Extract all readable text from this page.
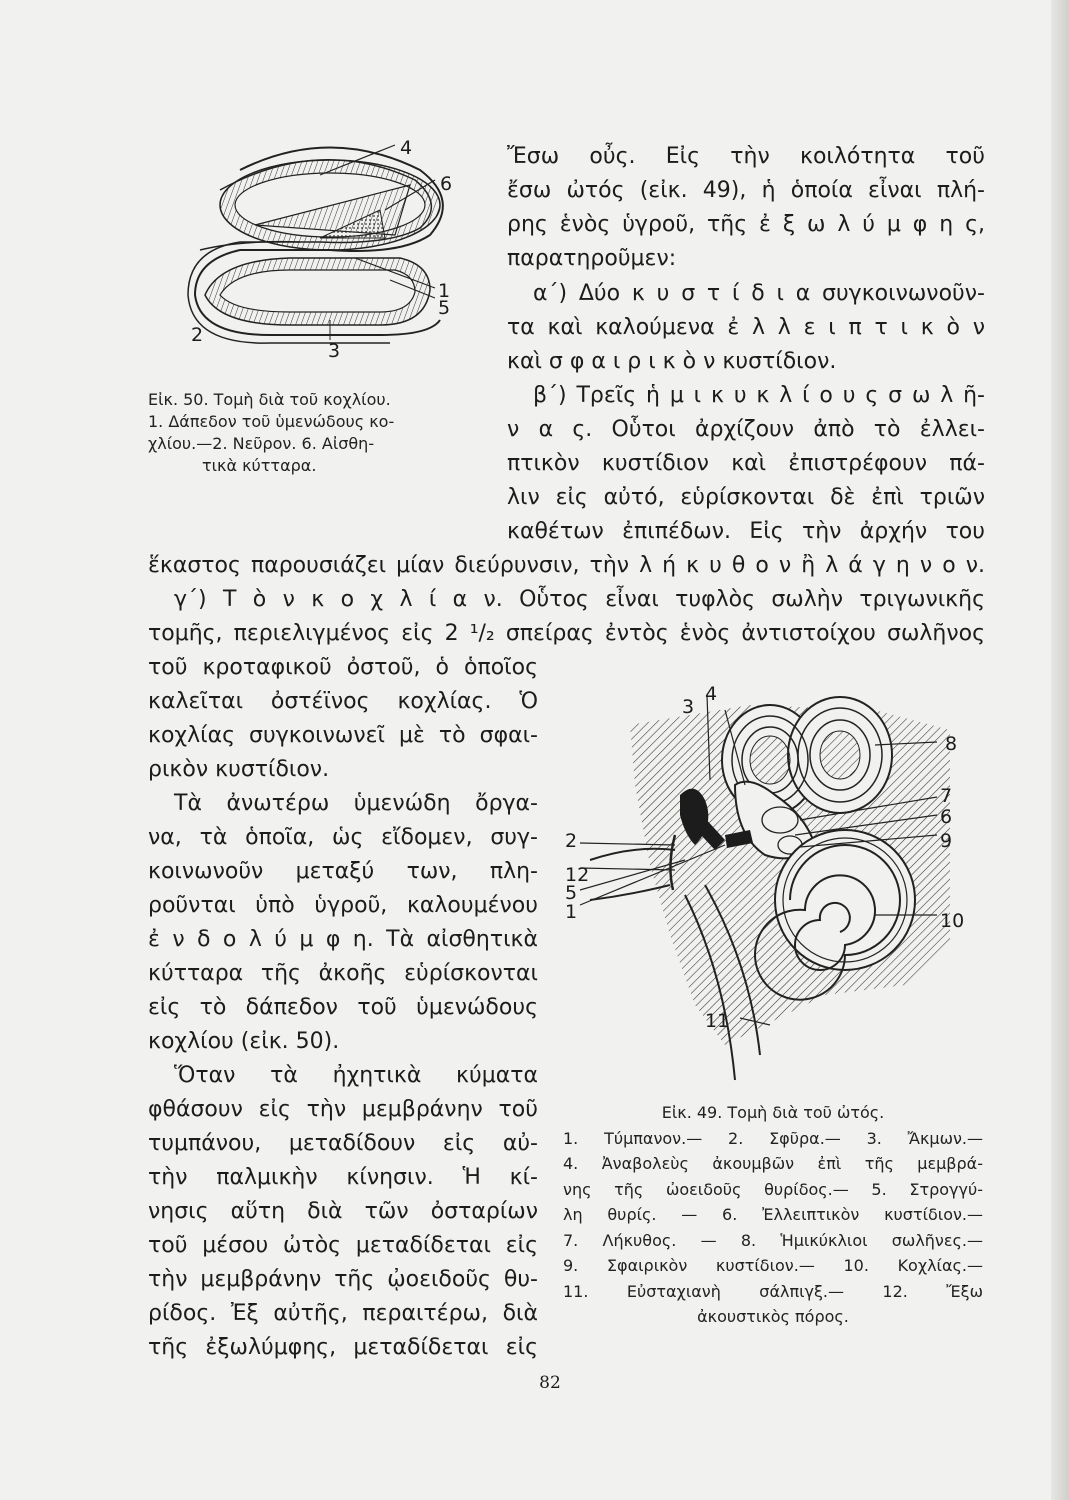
4
6
1
5
2
3
Εἰκ. 50. Τομὴ διὰ τοῦ κοχλίου.
1. Δάπεδον τοῦ ὑμενώδους κο-
χλίου.—2. Νεῦρον. 6. Αἰσθη-
τικὰ κύτταρα.
Ἔσω οὖς. Εἰς τὴν κοιλότητα τοῦ
ἔσω ὠτός (εἰκ. 49), ἡ ὁποία εἶναι πλή-
ρης ἑνὸς ὑγροῦ, τῆς ἐ ξ ω λ ύ μ φ η ς,
παρατηροῦμεν:
α΄) Δύο κ υ σ τ ί δ ι α συγκοινωνοῦν-
τα καὶ καλούμενα ἐ λ λ ε ι π τ ι κ ὸ ν
καὶ σ φ α ι ρ ι κ ὸ ν κυστίδιον.
β΄) Τρεῖς ἡ μ ι κ υ κ λ ί ο υ ς σ ω λ ῆ-
ν α ς. Οὗτοι ἀρχίζουν ἀπὸ τὸ ἐλλει-
πτικὸν κυστίδιον καὶ ἐπιστρέφουν πά-
λιν εἰς αὐτό, εὑρίσκονται δὲ ἐπὶ τριῶν
καθέτων ἐπιπέδων. Εἰς τὴν ἀρχήν του
ἕκαστος παρουσιάζει μίαν διεύρυνσιν, τὴν λ ή κ υ θ ο ν ἢ λ ά γ η ν ο ν.
γ΄) Τ ὸ ν κ ο χ λ ί α ν. Οὗτος εἶναι τυφλὸς σωλὴν τριγωνικῆς
τομῆς, περιελιγμένος εἰς 2 ¹/₂ σπείρας ἐντὸς ἑνὸς ἀντιστοίχου σωλῆνος
τοῦ κροταφικοῦ ὀστοῦ, ὁ ὁποῖος
καλεῖται ὀστέϊνος κοχλίας. Ὁ
κοχλίας συγκοινωνεῖ μὲ τὸ σφαι-
ρικὸν κυστίδιον.
Τὰ ἀνωτέρω ὑμενώδη ὄργα-
να, τὰ ὁποῖα, ὡς εἴδομεν, συγ-
κοινωνοῦν μεταξύ των, πλη-
ροῦνται ὑπὸ ὑγροῦ, καλουμένου
ἐ ν δ ο λ ύ μ φ η. Τὰ αἰσθητικὰ
κύτταρα τῆς ἀκοῆς εὑρίσκονται
εἰς τὸ δάπεδον τοῦ ὑμενώδους
κοχλίου (εἰκ. 50).
Ὅταν τὰ ἠχητικὰ κύματα
φθάσουν εἰς τὴν μεμβράνην τοῦ
τυμπάνου, μεταδίδουν εἰς αὐ-
τὴν παλμικὴν κίνησιν. Ἡ κί-
νησις αὕτη διὰ τῶν ὀσταρίων
τοῦ μέσου ὠτὸς μεταδίδεται εἰς
τὴν μεμβράνην τῆς ᾠοειδοῦς θυ-
ρίδος. Ἐξ αὐτῆς, περαιτέρω, διὰ
τῆς ἐξωλύμφης, μεταδίδεται εἰς
3
4
8
7
6
9
2
12
5
1	10
11
Εἰκ. 49. Τομὴ διὰ τοῦ ὠτός.
1. Τύμπανον.— 2. Σφῦρα.— 3. Ἄκμων.—
4. Ἀναβολεὺς ἀκουμβῶν ἐπὶ τῆς μεμβρά-
νης τῆς ὠοειδοῦς θυρίδος.— 5. Στρογγύ-
λη θυρίς. — 6. Ἐλλειπτικὸν κυστίδιον.—
7. Λήκυθος. — 8. Ἡμικύκλιοι σωλῆνες.—
9. Σφαιρικὸν κυστίδιον.— 10. Κοχλίας.—
11. Εὐσταχιανὴ σάλπιγξ.— 12. Ἔξω
ἀκουστικὸς πόρος.
82
